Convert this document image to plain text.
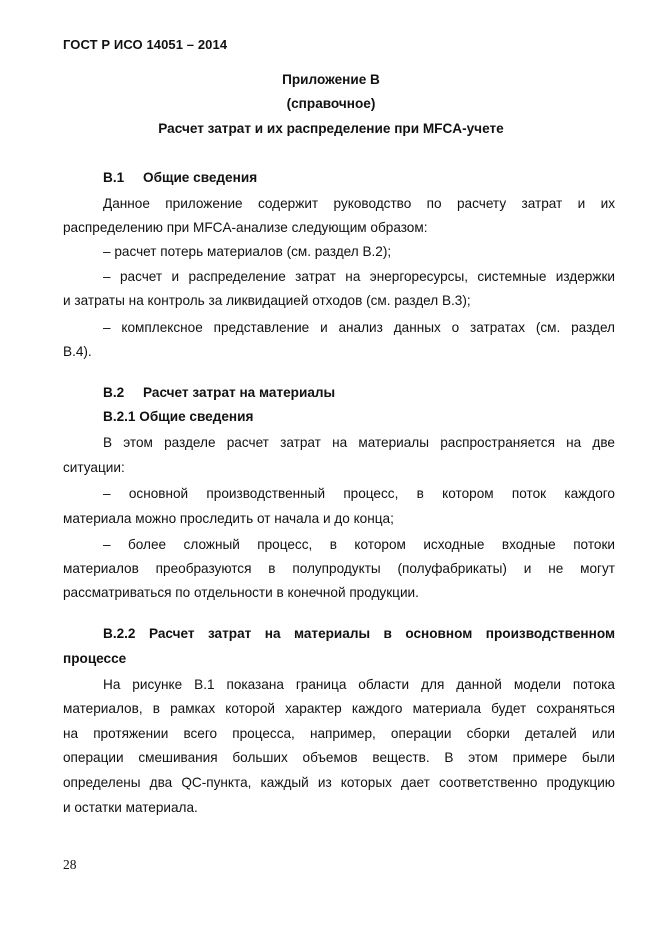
ГОСТ Р ИСО 14051 – 2014
Приложение В
(справочное)
Расчет затрат и их распределение при MFCA-учете
В.1 Общие сведения
Данное приложение содержит руководство по расчету затрат и их
распределению при MFCA-анализе следующим образом:
– расчет потерь материалов (см. раздел В.2);
– расчет и распределение затрат на энергоресурсы, системные издержки
и затраты на контроль за ликвидацией отходов (см. раздел В.3);
– комплексное представление и анализ данных о затратах (см. раздел
В.4).
В.2 Расчет затрат на материалы
В.2.1 Общие сведения
В этом разделе расчет затрат на материалы распространяется на две
ситуации:
– основной производственный процесс, в котором поток каждого
материала можно проследить от начала и до конца;
– более сложный процесс, в котором исходные входные потоки
материалов преобразуются в полупродукты (полуфабрикаты) и не могут
рассматриваться по отдельности в конечной продукции.
В.2.2 Расчет затрат на материалы в основном производственном
процессе
На рисунке В.1 показана граница области для данной модели потока
материалов, в рамках которой характер каждого материала будет сохраняться
на протяжении всего процесса, например, операции сборки деталей или
операции смешивания больших объемов веществ. В этом примере были
определены два QC-пункта, каждый из которых дает соответственно продукцию
и остатки материала.
28
